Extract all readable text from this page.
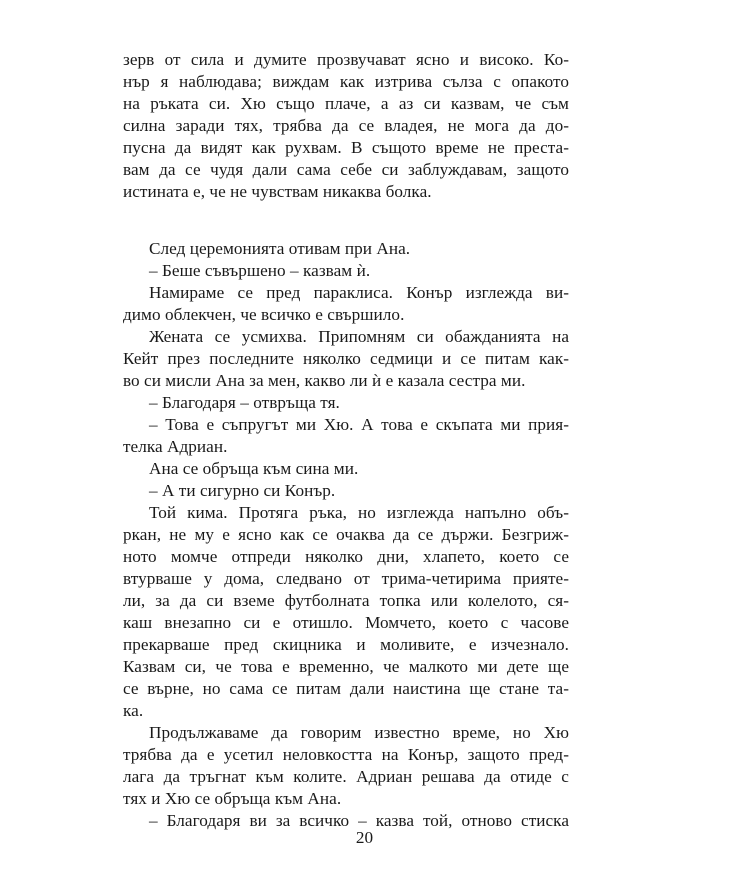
зерв от сила и думите прозвучават ясно и високо. Ко-
нър я наблюдава; виждам как изтрива сълза с опакото
на ръката си. Хю също плаче, а аз си казвам, че съм
силна заради тях, трябва да се владея, не мога да до-
пусна да видят как рухвам. В същото време не преста-
вам да се чудя дали сама себе си заблуждавам, защото
истината е, че не чувствам никаква болка.
След церемонията отивам при Ана.
– Беше съвършено – казвам ѝ.
Намираме се пред параклиса. Конър изглежда ви-
димо облекчен, че всичко е свършило.
Жената се усмихва. Припомням си обажданията на
Кейт през последните няколко седмици и се питам как-
во си мисли Ана за мен, какво ли ѝ е казала сестра ми.
– Благодаря – отвръща тя.
– Това е съпругът ми Хю. А това е скъпата ми прия-
телка Адриан.
Ана се обръща към сина ми.
– А ти сигурно си Конър.
Той кима. Протяга ръка, но изглежда напълно объ-
ркан, не му е ясно как се очаква да се държи. Безгриж-
ното момче отпреди няколко дни, хлапето, което се
втурваше у дома, следвано от трима-четирима прияте-
ли, за да си вземе футболната топка или колелото, ся-
каш внезапно си е отишло. Момчето, което с часове
прекарваше пред скицника и моливите, е изчезнало.
Казвам си, че това е временно, че малкото ми дете ще
се върне, но сама се питам дали наистина ще стане та-
ка.
Продължаваме да говорим известно време, но Хю
трябва да е усетил неловкостта на Конър, защото пред-
лага да тръгнат към колите. Адриан решава да отиде с
тях и Хю се обръща към Ана.
– Благодаря ви за всичко – казва той, отново стиска
20
